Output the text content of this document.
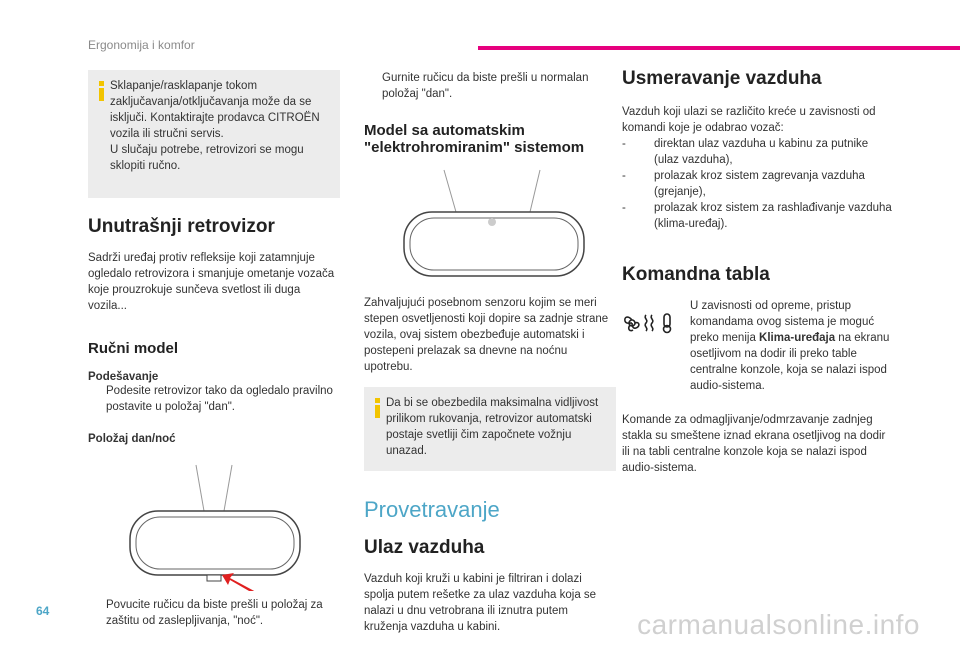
Ergonomija i komfor

Sklapanje/rasklapanje tokom
zaključavanja/otključavanja može da se
isključi. Kontaktirajte prodavca CITROËN
vozila ili stručni servis.
U slučaju potrebe, retrovizori se mogu
sklopiti ručno.

Unutrašnji retrovizor

Sadrži uređaj protiv refleksije koji zatamnjuje ogledalo retrovizora i smanjuje ometanje vozača koje prouzrokuje sunčeva svetlost ili duga vozila...

Ručni model

Podešavanje

Podesite retrovizor tako da ogledalo pravilno postavite u položaj "dan".

Položaj dan/noć

Povucite ručicu da biste prešli u položaj za zaštitu od zaslepljivanja, "noć".

Gurnite ručicu da biste prešli u normalan položaj "dan".

Model sa automatskim "elektrohromiranim" sistemom

Zahvaljujući posebnom senzoru kojim se meri stepen osvetljenosti koji dopire sa zadnje strane vozila, ovaj sistem obezbeđuje automatski i postepeni prelazak sa dnevne na noćnu upotrebu.

Da bi se obezbedila maksimalna vidljivost prilikom rukovanja, retrovizor automatski postaje svetliji čim započnete vožnju unazad.

Provetravanje
Ulaz vazduha

Vazduh koji kruži u kabini je filtriran i dolazi spolja putem rešetke za ulaz vazduha koja se nalazi u dnu vetrobrana ili iznutra putem kruženja vazduha u kabini.

Usmeravanje vazduha

Vazduh koji ulazi se različito kreće u zavisnosti od komandi koje je odabrao vozač:

- direktan ulaz vazduha u kabinu za putnike (ulaz vazduha),

- prolazak kroz sistem zagrevanja vazduha (grejanje),

- prolazak kroz sistem za rashlađivanje vazduha (klima-uređaj).

Komandna tabla

U zavisnosti od opreme, pristup komandama ovog sistema je moguć preko menija Klima-uređaja na ekranu osetljivom na dodir ili preko table centralne konzole, koja se nalazi ispod audio-sistema.

Komande za odmagljivanje/odmrzavanje zadnjeg stakla su smeštene iznad ekrana osetljivog na dodir ili na tabli centralne konzole koja se nalazi ispod audio-sistema.

64	carmanualsonline.info
